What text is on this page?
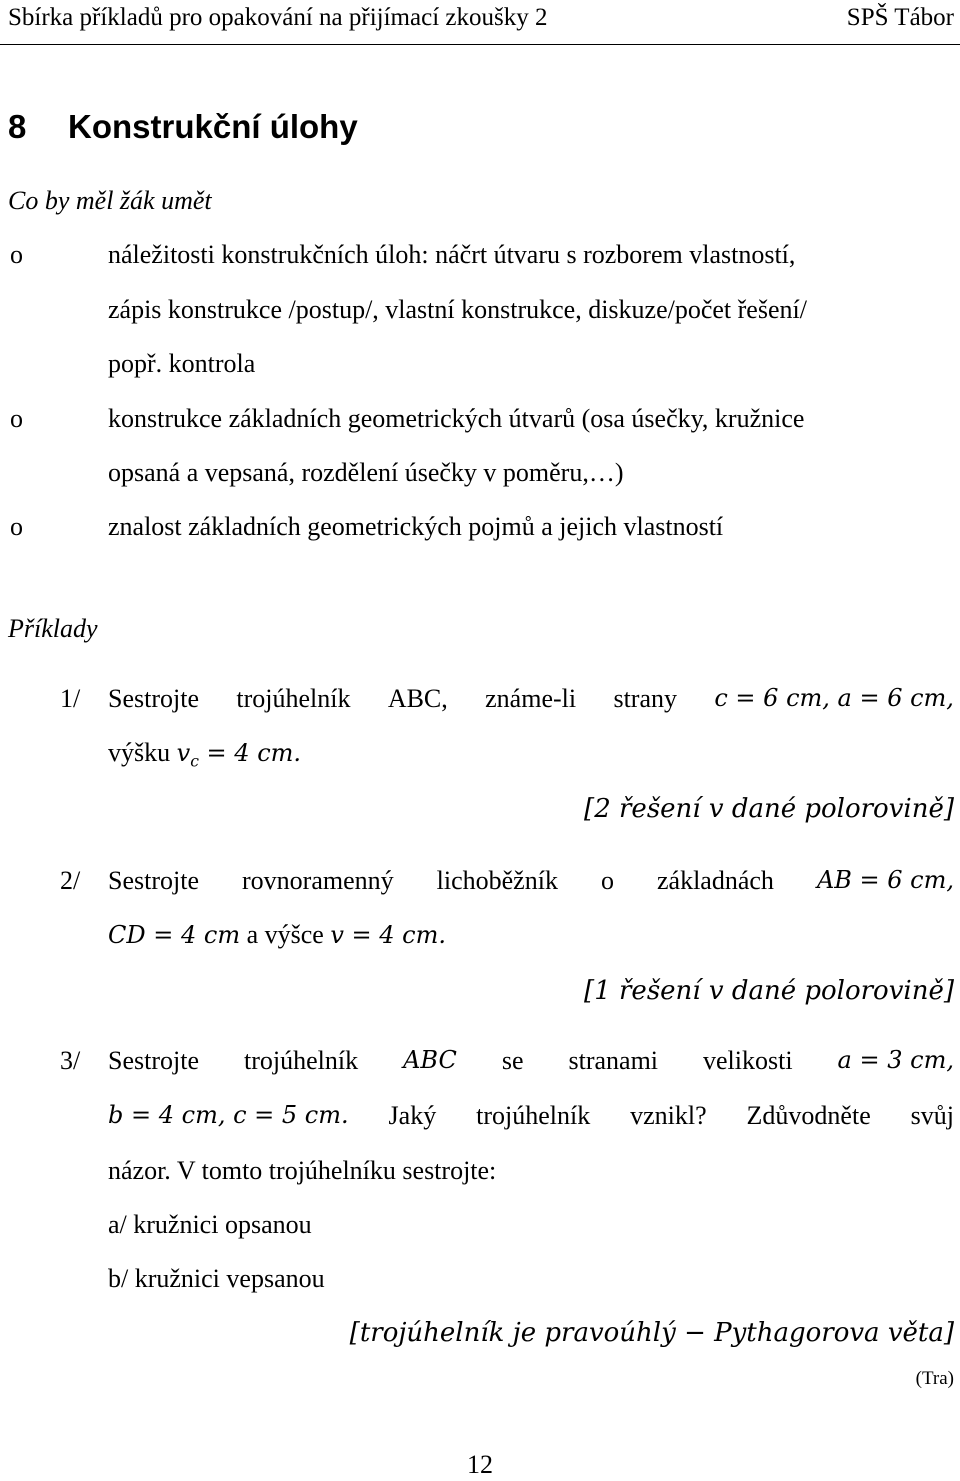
Sbírka příkladů pro opakování na přijímací zkoušky 2	SPŠ Tábor
8 Konstrukční úlohy
Co by měl žák umět
o	náležitosti konstrukčních úloh: náčrt útvaru s rozborem vlastností,
zápis konstrukce /postup/, vlastní konstrukce, diskuze/počet řešení/
popř. kontrola
o	konstrukce základních geometrických útvarů (osa úsečky, kružnice
opsaná a vepsaná, rozdělení úsečky v poměru,…)
o	znalost základních geometrických pojmů a jejich vlastností
Příklady
1/ Sestrojte trojúhelník ABC, známe-li strany c = 6 cm, a = 6 cm,
výšku $v_c = 4$ cm.
[2 řešení v dané polorovině]
2/ Sestrojte rovnoramenný lichoběžník o základnách AB = 6 cm,
CD = 4 cm a výšce v = 4 cm.
[1 řešení v dané polorovině]
3/ Sestrojte trojúhelník ABC se stranami velikosti a = 3 cm,
b = 4 cm, c = 5 cm. Jaký trojúhelník vznikl? Zdůvodněte svůj
názor. V tomto trojúhelníku sestrojte:
a/ kružnici opsanou
b/ kružnici vepsanou
[trojúhelník je pravoúhlý − Pythagorova věta]
(Tra)
12
